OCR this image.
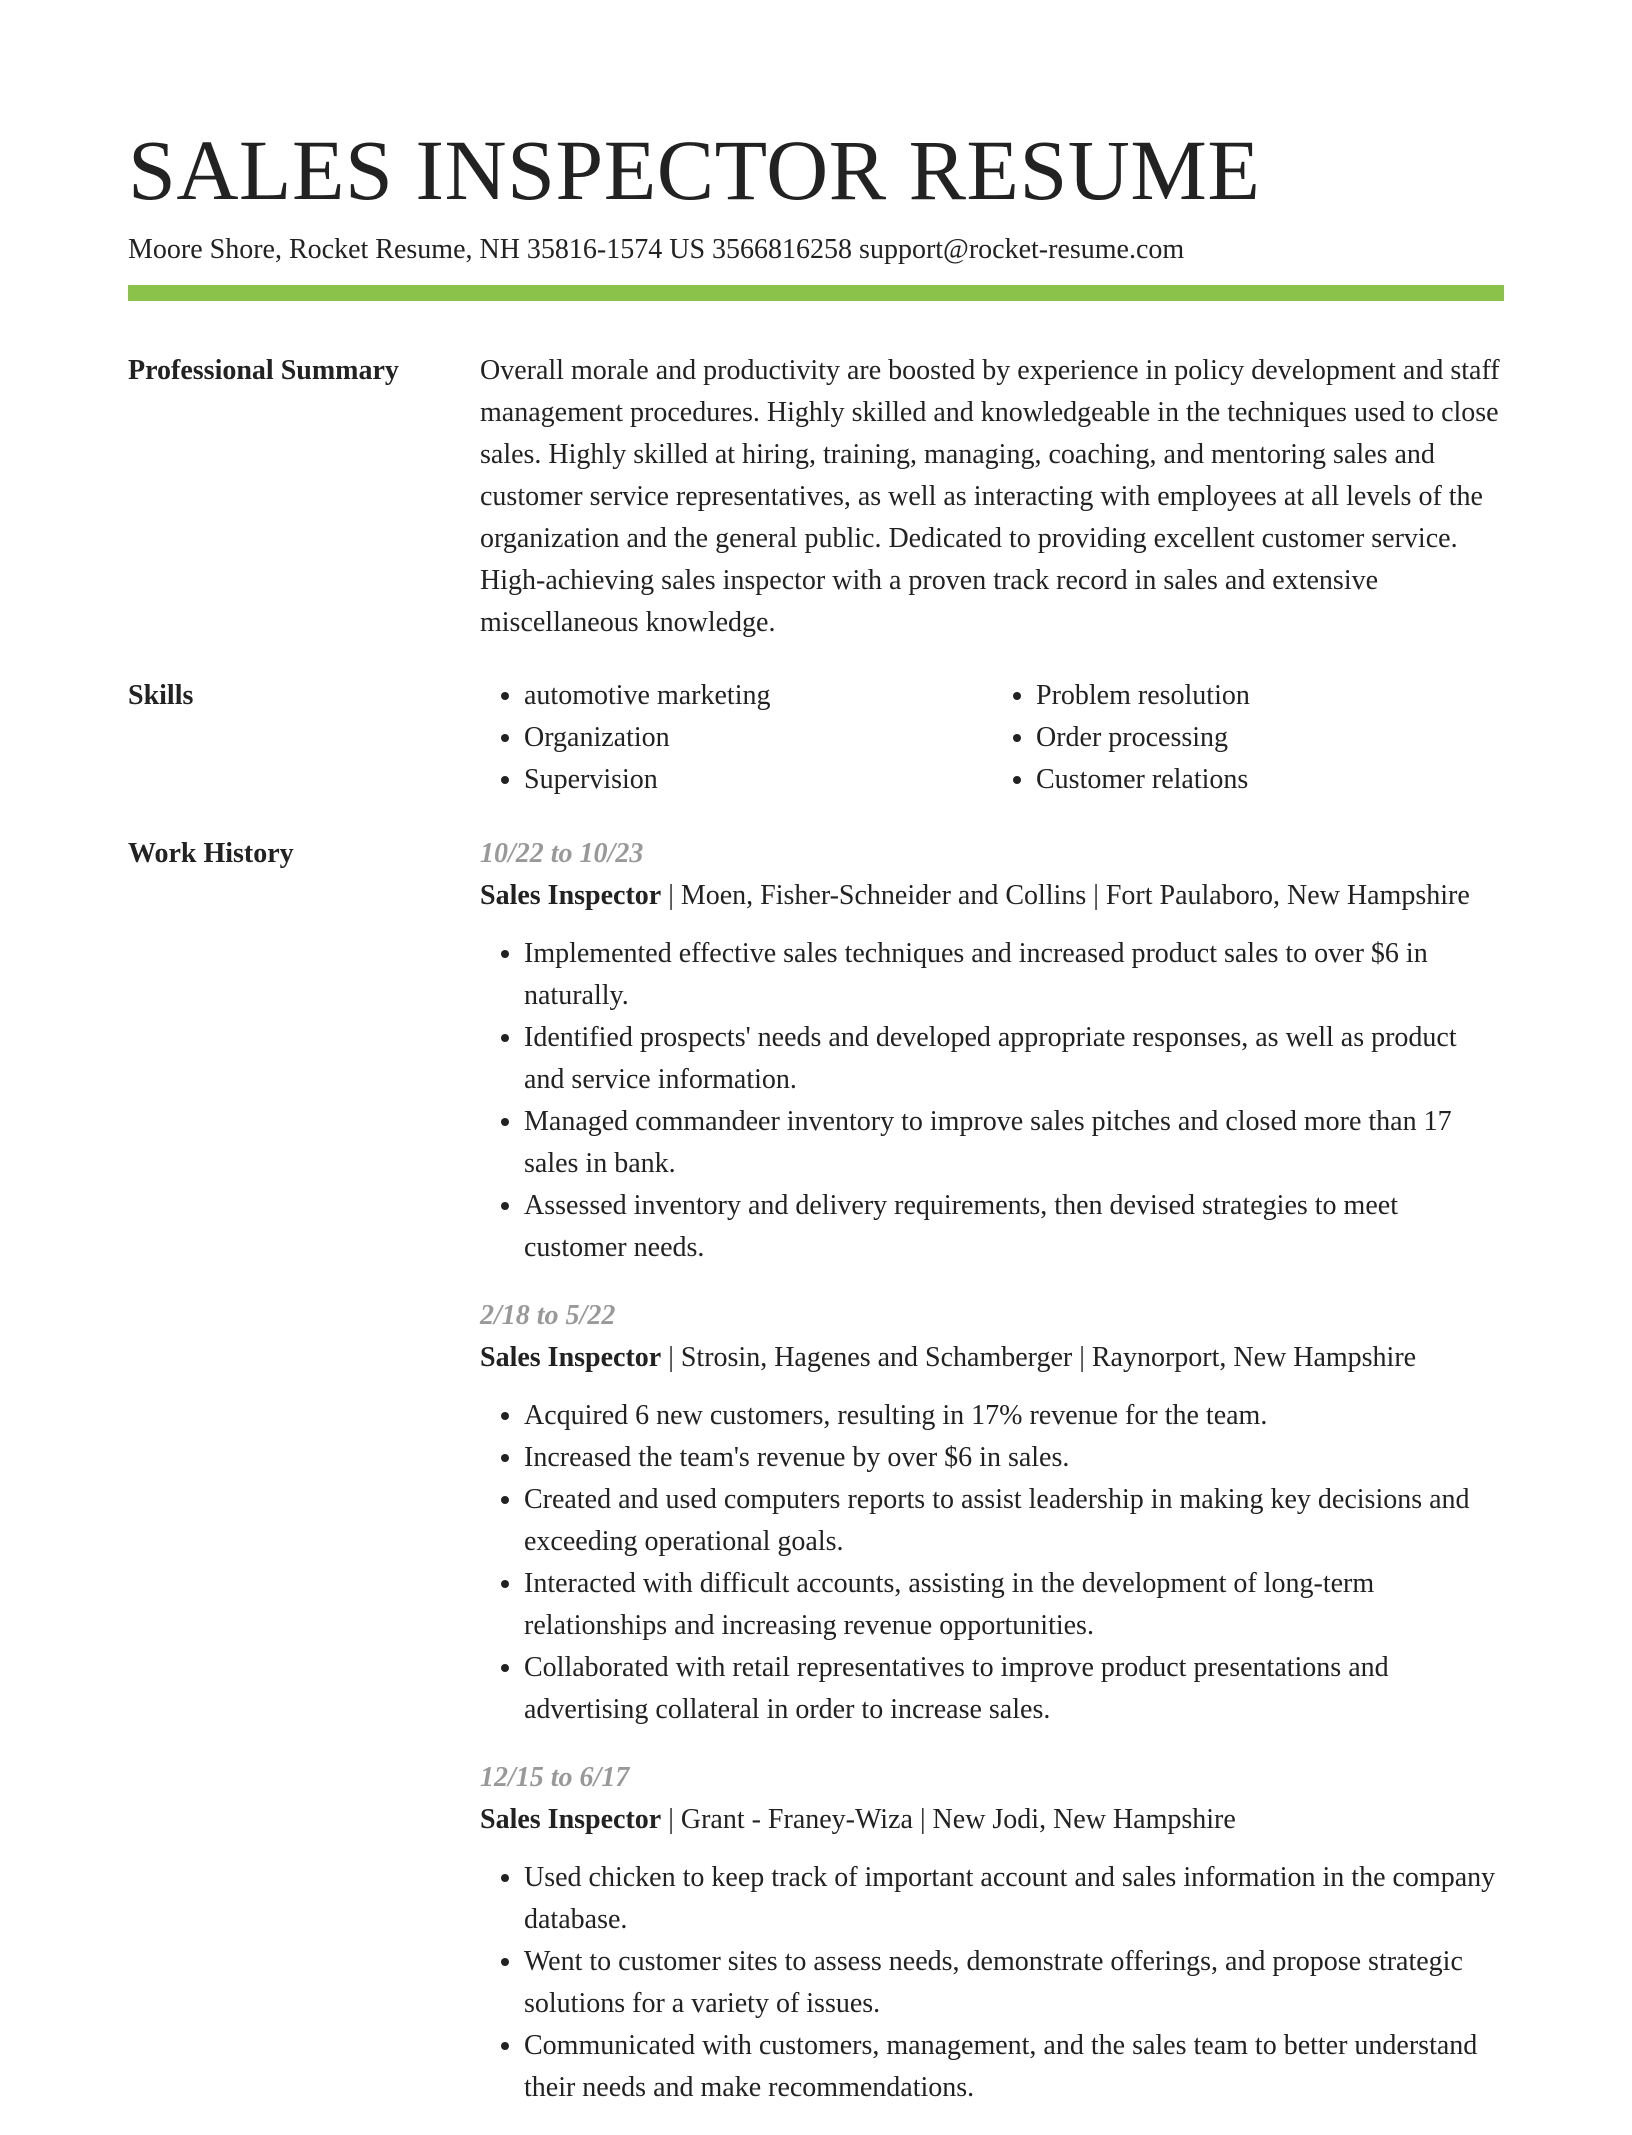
SALES INSPECTOR RESUME
Moore Shore, Rocket Resume, NH 35816-1574 US 3566816258 support@rocket-resume.com
Professional Summary	Overall morale and productivity are boosted by experience in policy development and staff management procedures. Highly skilled and knowledgeable in the techniques used to close sales. Highly skilled at hiring, training, managing, coaching, and mentoring sales and customer service representatives, as well as interacting with employees at all levels of the organization and the general public. Dedicated to providing excellent customer service. High-achieving sales inspector with a proven track record in sales and extensive miscellaneous knowledge.

Skills
•	automotive marketing
• Organization
• Supervision
• Problem resolution
• Order processing
• Customer relations
Work History	10/22 to 10/23
Sales Inspector | Moen, Fisher-Schneider and Collins | Fort Paulaboro, New Hampshire
• Implemented effective sales techniques and increased product sales to over $6 in naturally.
• Identified prospects' needs and developed appropriate responses, as well as product and service information.
• Managed commandeer inventory to improve sales pitches and closed more than 17 sales in bank.
• Assessed inventory and delivery requirements, then devised strategies to meet customer needs.
2/18 to 5/22
Sales Inspector | Strosin, Hagenes and Schamberger | Raynorport, New Hampshire
• Acquired 6 new customers, resulting in 17% revenue for the team.
• Increased the team's revenue by over $6 in sales.
• Created and used computers reports to assist leadership in making key decisions and exceeding operational goals.
• Interacted with difficult accounts, assisting in the development of long-term relationships and increasing revenue opportunities.
• Collaborated with retail representatives to improve product presentations and advertising collateral in order to increase sales.
12/15 to 6/17
Sales Inspector | Grant - Franey-Wiza | New Jodi, New Hampshire
• Used chicken to keep track of important account and sales information in the company database.
• Went to customer sites to assess needs, demonstrate offerings, and propose strategic solutions for a variety of issues.
• Communicated with customers, management, and the sales team to better understand their needs and make recommendations.
